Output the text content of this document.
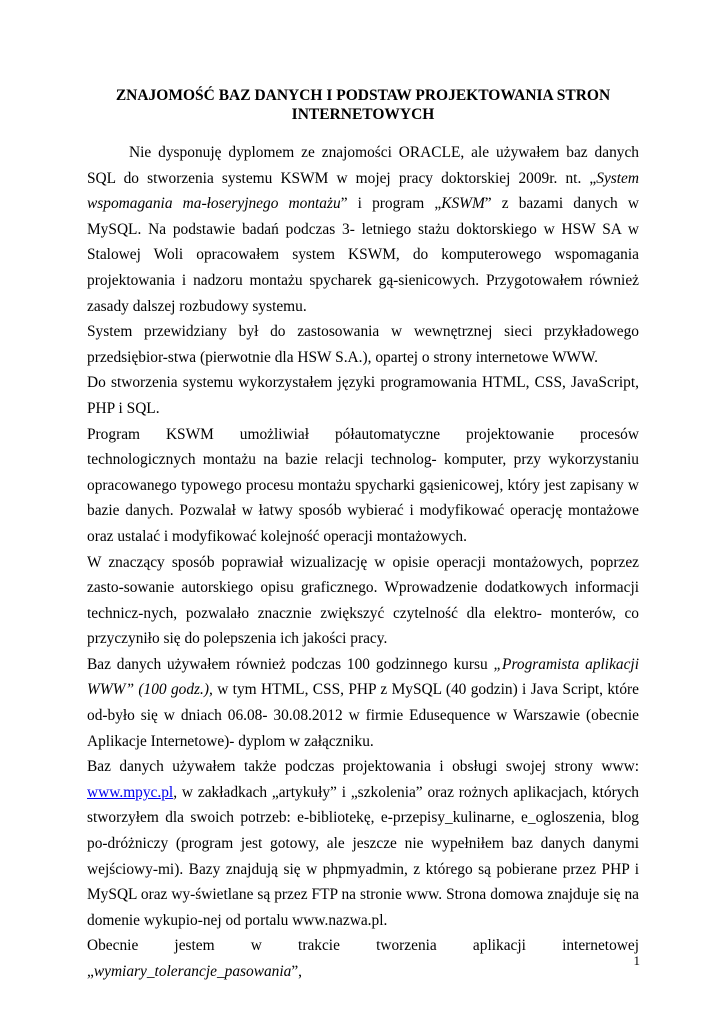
ZNAJOMOŚĆ BAZ DANYCH I PODSTAW PROJEKTOWANIA STRON INTERNETOWYCH

Nie dysponuję dyplomem ze znajomości ORACLE, ale używałem baz danych SQL do stworzenia systemu KSWM w mojej pracy doktorskiej 2009r. nt. „System wspomagania ma-łoseryjnego montażu” i program „KSWM” z bazami danych w MySQL. Na podstawie badań podczas 3- letniego stażu doktorskiego w HSW SA w Stalowej Woli opracowałem system KSWM, do komputerowego wspomagania projektowania i nadzoru montażu spycharek gą-sienicowych. Przygotowałem również zasady dalszej rozbudowy systemu.

System przewidziany był do zastosowania w wewnętrznej sieci przykładowego przedsiębior-stwa (pierwotnie dla HSW S.A.), opartej o strony internetowe WWW.

Do stworzenia systemu wykorzystałem języki programowania HTML, CSS, JavaScript, PHP i SQL.

Program KSWM umożliwiał półautomatyczne projektowanie procesów technologicznych montażu na bazie relacji technolog- komputer, przy wykorzystaniu opracowanego typowego procesu montażu spycharki gąsienicowej, który jest zapisany w bazie danych. Pozwalał w łatwy sposób wybierać i modyfikować operację montażowe oraz ustalać i modyfikować kolejność operacji montażowych.

W znaczący sposób poprawiał wizualizację w opisie operacji montażowych, poprzez zasto-sowanie autorskiego opisu graficznego. Wprowadzenie dodatkowych informacji technicz-nych, pozwalało znacznie zwiększyć czytelność dla elektro- monterów, co przyczyniło się do polepszenia ich jakości pracy.

Baz danych używałem również podczas 100 godzinnego kursu „Programista aplikacji WWW” (100 godz.), w tym HTML, CSS, PHP z MySQL (40 godzin) i Java Script, które od-było się w dniach 06.08- 30.08.2012 w firmie Edusequence w Warszawie (obecnie Aplikacje Internetowe)- dyplom w załączniku.

Baz danych używałem także podczas projektowania i obsługi swojej strony www: www.mpyc.pl, w zakładkach „artykuły” i „szkolenia” oraz rożnych aplikacjach, których stworzyłem dla swoich potrzeb: e-bibliotekę, e-przepisy_kulinarne, e_ogloszenia, blog po-dróżniczy (program jest gotowy, ale jeszcze nie wypełniłem baz danych danymi wejściowy-mi). Bazy znajdują się w phpmyadmin, z którego są pobierane przez PHP i MySQL oraz wy-świetlane są przez FTP na stronie www. Strona domowa znajduje się na domenie wykupio-nej od portalu www.nazwa.pl.

Obecnie jestem w trakcie tworzenia aplikacji internetowej „wymiary_tolerancje_pasowania”,

1
